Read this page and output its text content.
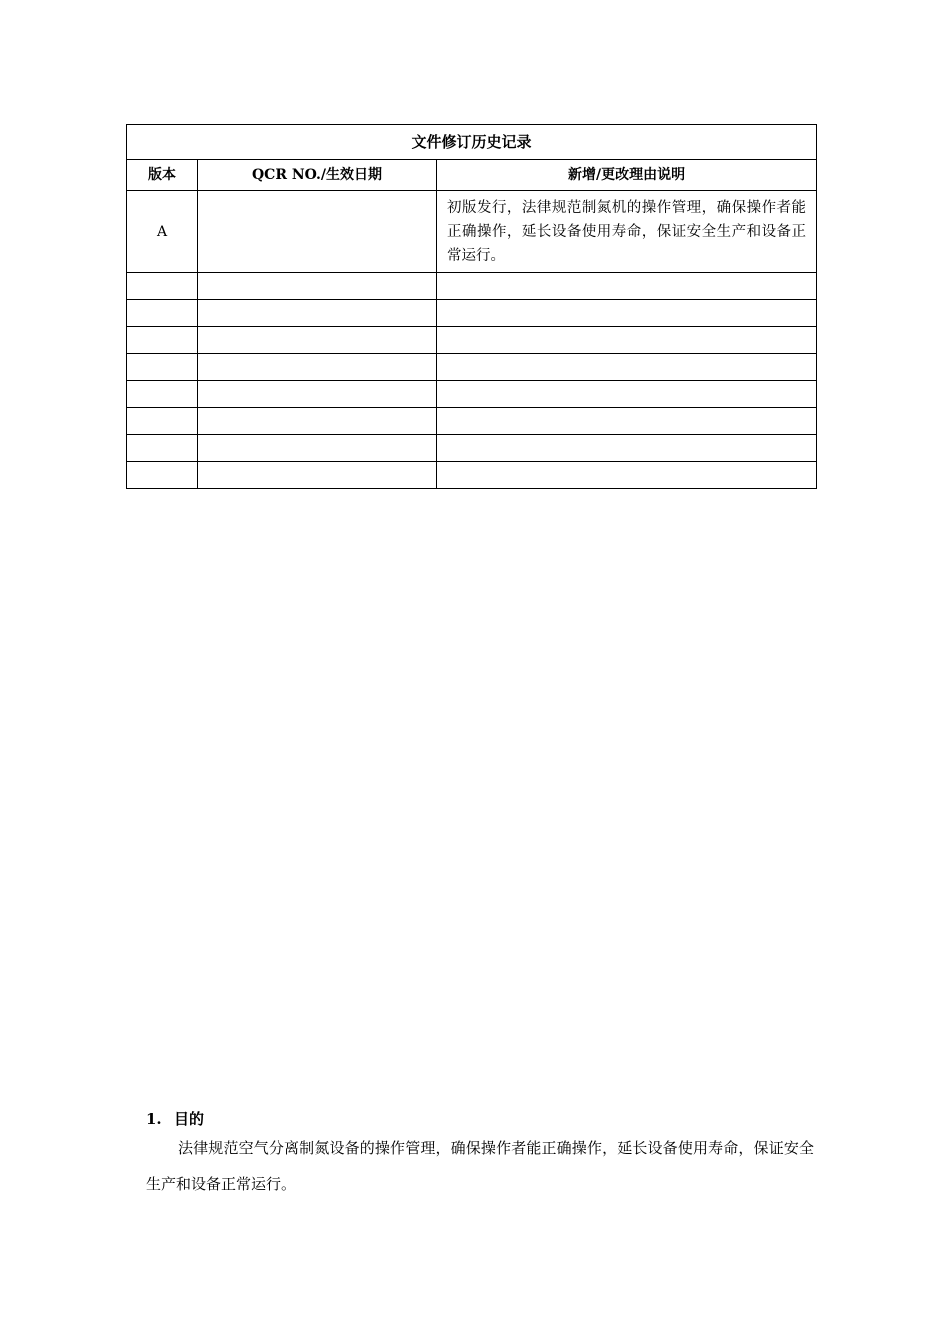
文件修订历史记录		
版本	QCR NO./生效日期	新增/更改理由说明
A		初版发行，法律规范制氮机的操作管理，确保操作者能正确操作，延长设备使用寿命，保证安全生产和设备正常运行。

1. 目的

法律规范空气分离制氮设备的操作管理，确保操作者能正确操作，延长设备使用寿命，保证安全生产和设备正常运行。
